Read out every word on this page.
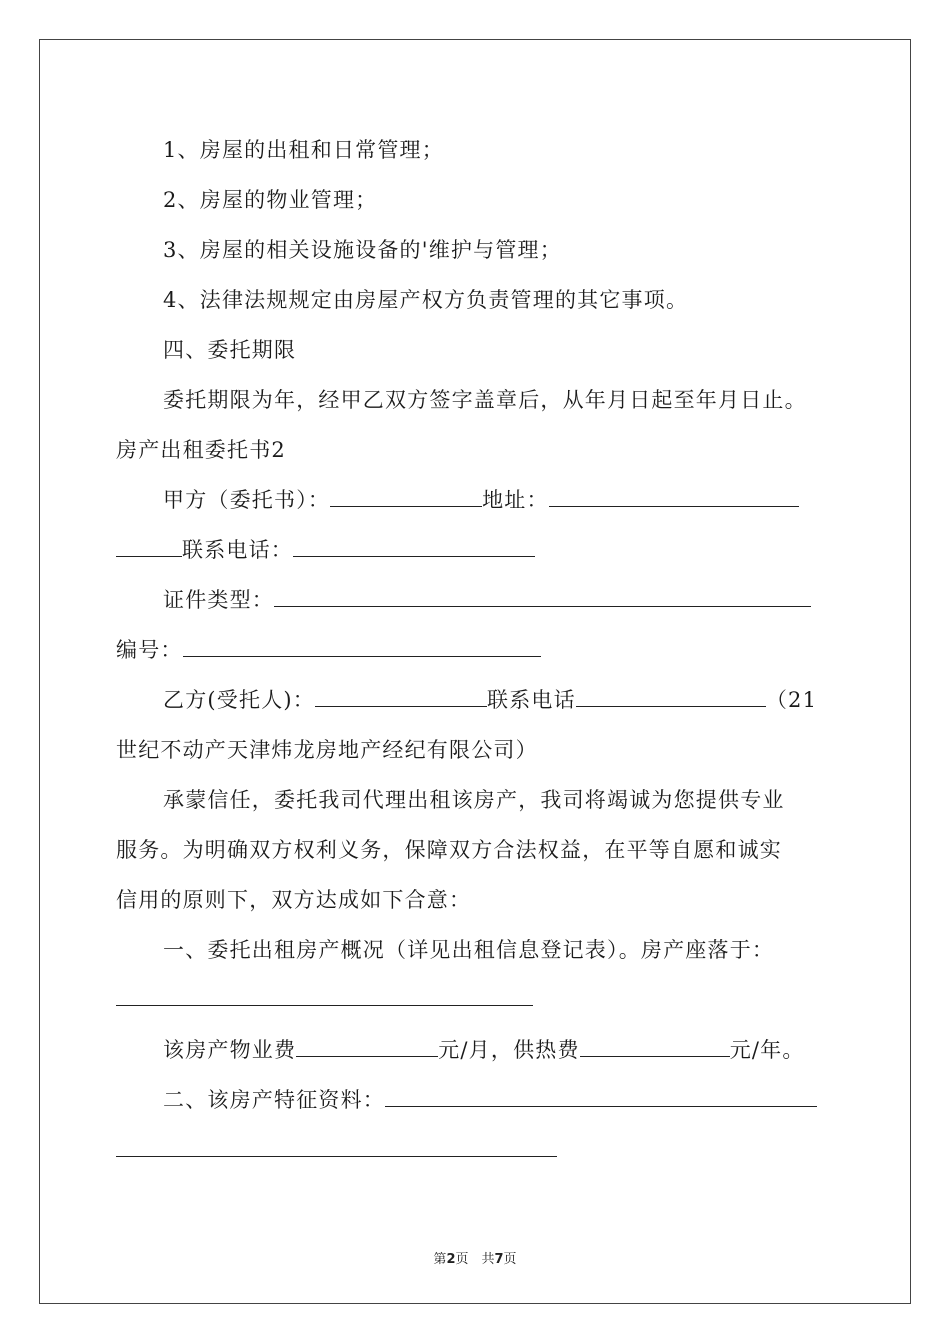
1、房屋的出租和日常管理；
2、房屋的物业管理；
3、房屋的相关设施设备的'维护与管理；
4、法律法规规定由房屋产权方负责管理的其它事项。
四、委托期限
委托期限为年，经甲乙双方签字盖章后，从年月日起至年月日止。
房产出租委托书2
甲方（委托书）：	地址：
联系电话：
证件类型：
编号：
乙方(受托人)：	联系电话	（21
世纪不动产天津炜龙房地产经纪有限公司）
承蒙信任，委托我司代理出租该房产，我司将竭诚为您提供专业
服务。为明确双方权利义务，保障双方合法权益，在平等自愿和诚实
信用的原则下，双方达成如下合意：
一、委托出租房产概况（详见出租信息登记表）。房产座落于：
该房产物业费	元/月，供热费	元/年。
二、该房产特征资料：
第2页　共7页
